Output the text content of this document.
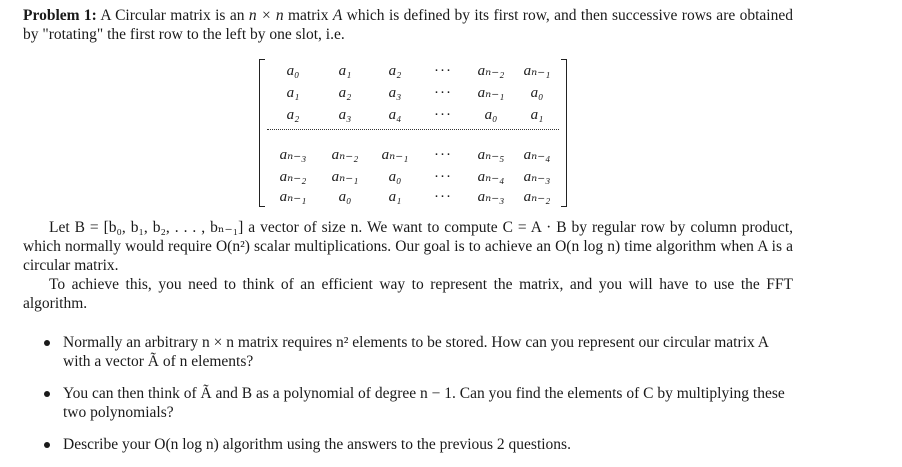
Problem 1: A Circular matrix is an n × n matrix A which is defined by its first row, and then successive rows are obtained by "rotating" the first row to the left by one slot, i.e.

a₀	a₁	a₂	···	aₙ₋₂	aₙ₋₁
a₁	a₂	a₃	···	aₙ₋₁	a₀
a₂	a₃	a₄	···	a₀	a₁
aₙ₋₃	aₙ₋₂	aₙ₋₁	···	aₙ₋₅	aₙ₋₄
aₙ₋₂	aₙ₋₁	a₀	···	aₙ₋₄	aₙ₋₃
aₙ₋₁	a₀	a₁	···	aₙ₋₃	aₙ₋₂

Let B = [b₀, b₁, b₂, . . . , bₙ₋₁] a vector of size n. We want to compute C = A · B by regular row by column product, which normally would require O(n²) scalar multiplications. Our goal is to achieve an O(n log n) time algorithm when A is a circular matrix.

To achieve this, you need to think of an efficient way to represent the matrix, and you will have to use the FFT algorithm.

Normally an arbitrary n × n matrix requires n² elements to be stored. How can you represent our circular matrix A with a vector Ã of n elements?
You can then think of Ã and B as a polynomial of degree n − 1. Can you find the elements of C by multiplying these two polynomials?
Describe your O(n log n) algorithm using the answers to the previous 2 questions.
